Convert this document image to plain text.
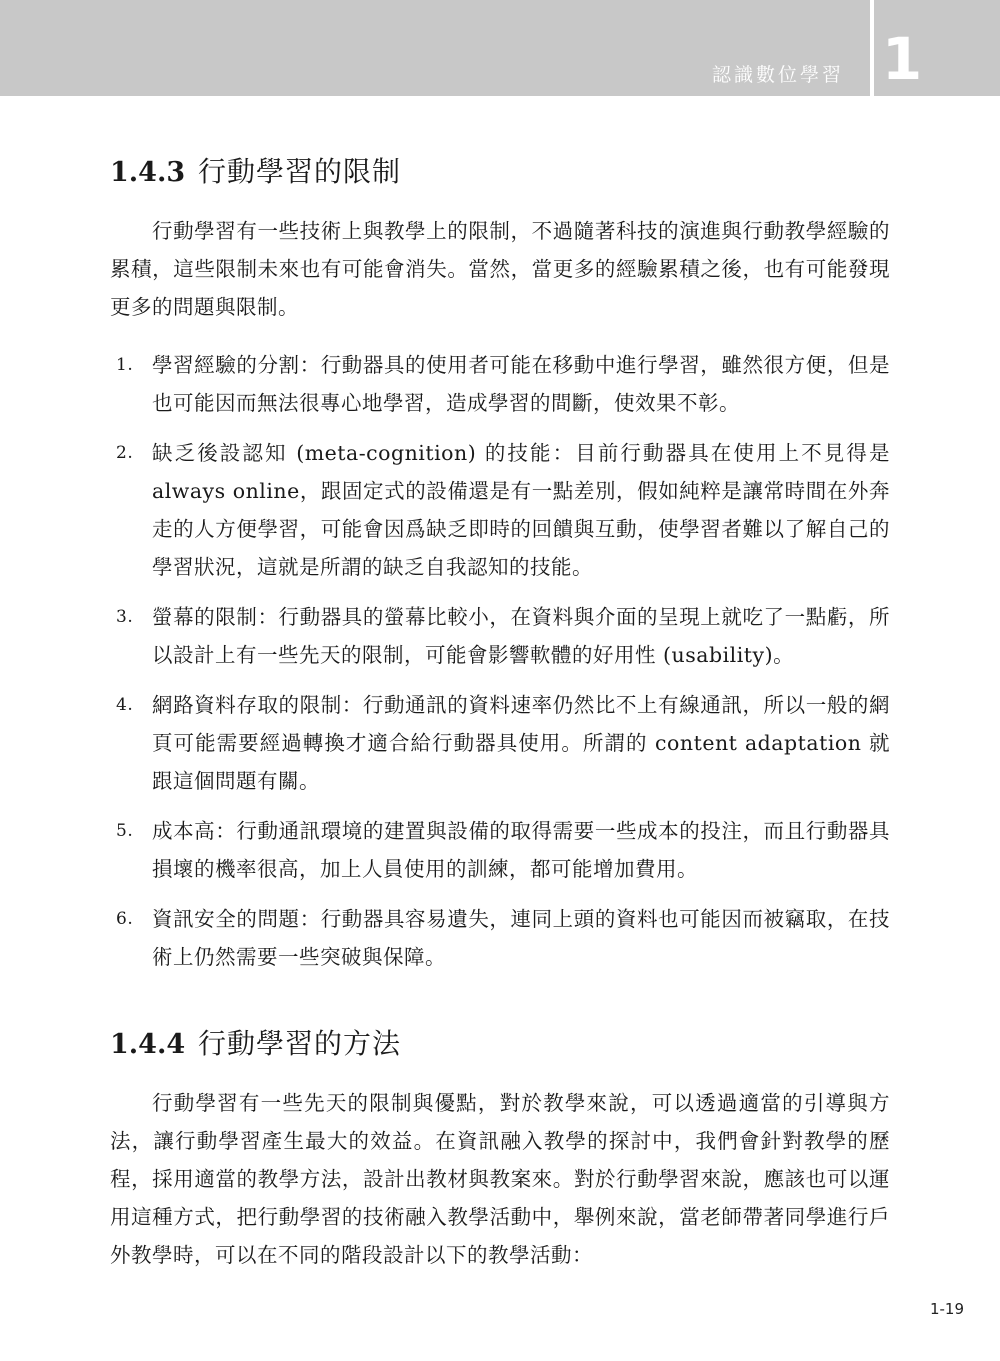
認識數位學習 1
1.4.3 行動學習的限制

行動學習有一些技術上與教學上的限制，不過隨著科技的演進與行動教學經驗的累積，這些限制未來也有可能會消失。當然，當更多的經驗累積之後，也有可能發現更多的問題與限制。

1. 學習經驗的分割：行動器具的使用者可能在移動中進行學習，雖然很方便，但是也可能因而無法很專心地學習，造成學習的間斷，使效果不彰。
2. 缺乏後設認知 (meta-cognition) 的技能：目前行動器具在使用上不見得是 always online，跟固定式的設備還是有一點差別，假如純粹是讓常時間在外奔走的人方便學習，可能會因爲缺乏即時的回饋與互動，使學習者難以了解自己的學習狀況，這就是所謂的缺乏自我認知的技能。
3. 螢幕的限制：行動器具的螢幕比較小，在資料與介面的呈現上就吃了一點虧，所以設計上有一些先天的限制，可能會影響軟體的好用性 (usability)。
4. 網路資料存取的限制：行動通訊的資料速率仍然比不上有線通訊，所以一般的網頁可能需要經過轉換才適合給行動器具使用。所謂的 content adaptation 就跟這個問題有關。
5. 成本高：行動通訊環境的建置與設備的取得需要一些成本的投注，而且行動器具損壞的機率很高，加上人員使用的訓練，都可能增加費用。
6. 資訊安全的問題：行動器具容易遺失，連同上頭的資料也可能因而被竊取，在技術上仍然需要一些突破與保障。
1.4.4 行動學習的方法

行動學習有一些先天的限制與優點，對於教學來說，可以透過適當的引導與方法，讓行動學習產生最大的效益。在資訊融入教學的探討中，我們會針對教學的歷程，採用適當的教學方法，設計出教材與教案來。對於行動學習來說，應該也可以運用這種方式，把行動學習的技術融入教學活動中，舉例來說，當老師帶著同學進行戶外教學時，可以在不同的階段設計以下的教學活動：

1-19
